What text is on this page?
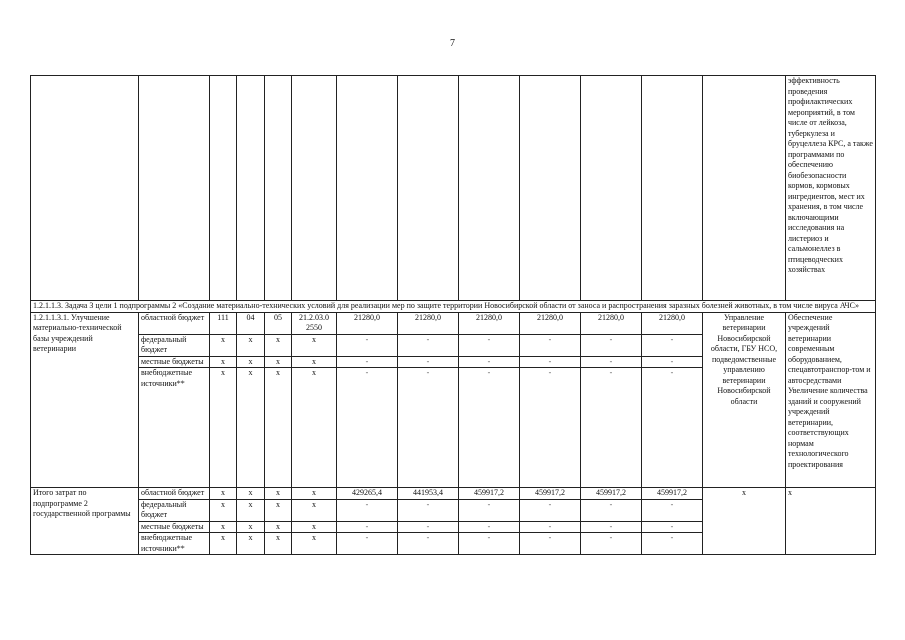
7
													эффективность проведения профилактических мероприятий, в том числе от лейкоза, туберкулеза и бруцеллеза КРС, а также программами по обеспечению биобезопасности кормов, кормовых ингредиентов, мест их хранения, в том числе включающими исследования на листериоз и сальмонеллез в птицеводческих хозяйствах
1.2.1.1.3. Задача 3 цели 1 подпрограммы 2 «Создание материально-технических условий для реализации мер по защите территории Новосибирской области от заноса и распространения заразных болезней животных, в том числе вируса АЧС»													
1.2.1.1.3.1. Улучшение материально-технической базы учреждений ветеринарии	областной бюджет	111	04	05	21.2.03.0 2550	21280,0	21280,0	21280,0	21280,0	21280,0	21280,0	Управление ветеринарии Новосибирской области, ГБУ НСО, подведомственные управлению ветеринарии Новосибирской области	Обеспечение учреждений ветеринарии современным оборудованием, спецавтотранспор-том и автосредствами Увеличение количества зданий и сооружений учреждений ветеринарии, соответствующих нормам технологического проектирования
	федеральный бюджет	х	х	х	х	-	-	-	-	-	-		
	местные бюджеты	х	х	х	х	-	-	-	-	-	-		
	внебюджетные источники**	х	х	х	х	-	-	-	-	-	-		
Итого затрат по подпрограмме 2 государственной программы	областной бюджет	х	х	х	х	429265,4	441953,4	459917,2	459917,2	459917,2	459917,2	х	х
	федеральный бюджет	х	х	х	х	-	-	-	-	-	-		
	местные бюджеты	х	х	х	х	-	-	-	-	-	-		
	внебюджетные источники**	х	х	х	х	-	-	-	-	-	-		
